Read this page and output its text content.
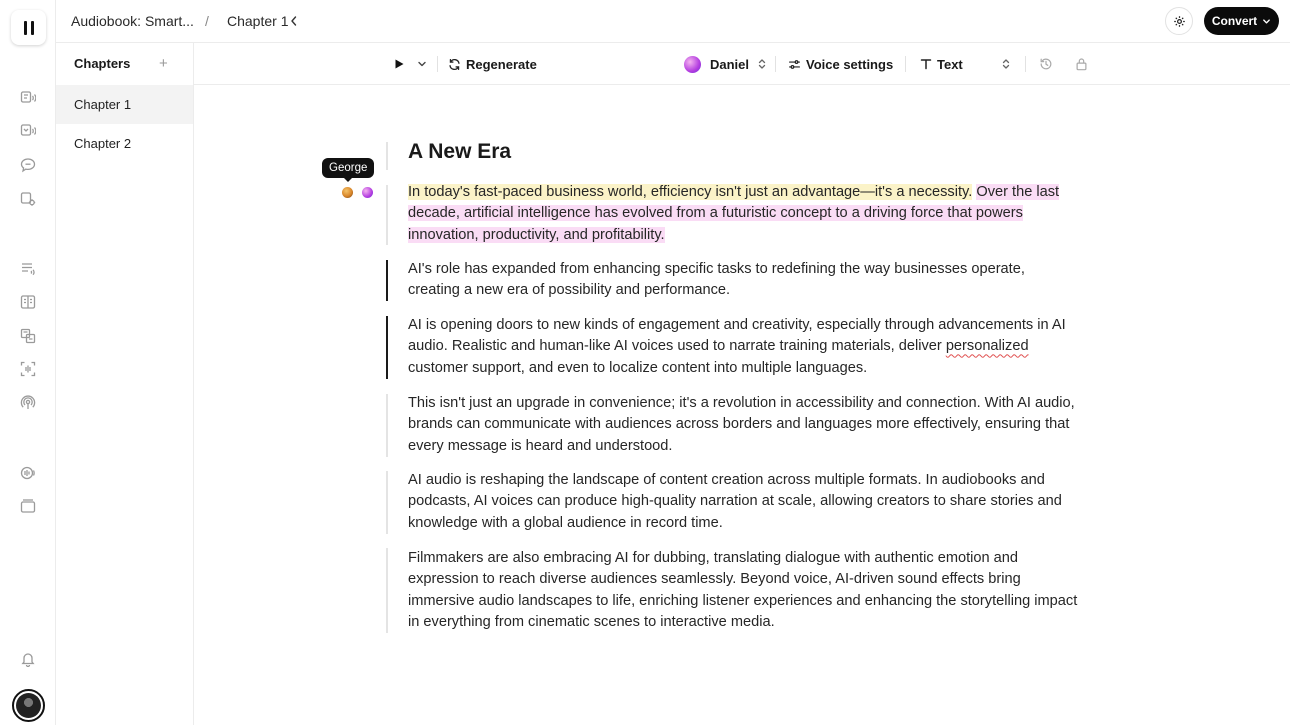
Audiobook: Smart... / Chapter 1	Convert
Chapters +
Chapter 1
Chapter 2
Regenerate	Daniel	Voice settings	Text
George
A New Era
In today's fast-paced business world, efficiency isn't just an advantage—it's a necessity. Over the last decade, artificial intelligence has evolved from a futuristic concept to a driving force that powers innovation, productivity, and profitability.
AI's role has expanded from enhancing specific tasks to redefining the way businesses operate, creating a new era of possibility and performance.
AI is opening doors to new kinds of engagement and creativity, especially through advancements in AI audio. Realistic and human-like AI voices used to narrate training materials, deliver personalized customer support, and even to localize content into multiple languages.
This isn't just an upgrade in convenience; it's a revolution in accessibility and connection. With AI audio, brands can communicate with audiences across borders and languages more effectively, ensuring that every message is heard and understood.
AI audio is reshaping the landscape of content creation across multiple formats. In audiobooks and podcasts, AI voices can produce high-quality narration at scale, allowing creators to share stories and knowledge with a global audience in record time.
Filmmakers are also embracing AI for dubbing, translating dialogue with authentic emotion and expression to reach diverse audiences seamlessly. Beyond voice, AI-driven sound effects bring immersive audio landscapes to life, enriching listener experiences and enhancing the storytelling impact in everything from cinematic scenes to interactive media.
